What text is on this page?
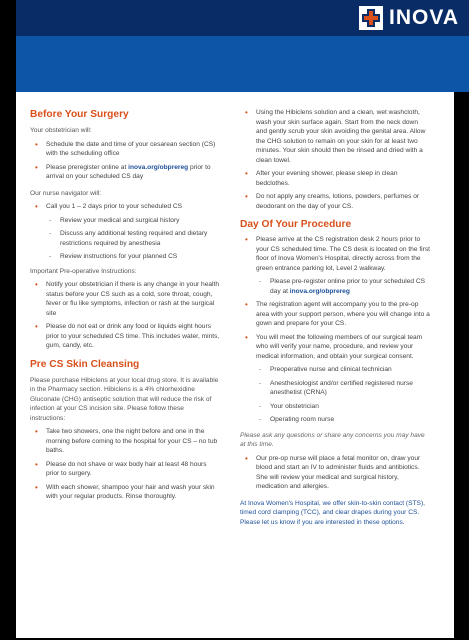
INOVA
Before Your Surgery

Your obstetrician will:

• Schedule the date and time of your cesarean section (CS) with the scheduling office
• Please preregister online at inova.org/obprereg prior to arrival on your scheduled CS day

Our nurse navigator will:

• Call you 1 – 2 days prior to your scheduled CS
- Review your medical and surgical history
- Discuss any additional testing required and dietary restrictions required by anesthesia
- Review instructions for your planned CS

Important Pre-operative Instructions:

• Notify your obstetrician if there is any change in your health status before your CS such as a cold, sore throat, cough, fever or flu like symptoms, infection or rash at the surgical site
• Please do not eat or drink any food or liquids eight hours prior to your scheduled CS time. This includes water, mints, gum, candy, etc.
Pre CS Skin Cleansing

Please purchase Hibiclens at your local drug store. It is available in the Pharmacy section. Hibiclens is a 4% chlorhexidine Gluconate (CHG) antiseptic solution that will reduce the risk of infection at your CS incision site. Please follow these instructions:

• Take two showers, one the night before and one in the morning before coming to the hospital for your CS – no tub baths.
• Please do not shave or wax body hair at least 48 hours prior to surgery.
• With each shower, shampoo your hair and wash your skin with your regular products. Rinse thoroughly.
• Using the Hibiclens solution and a clean, wet washcloth, wash your skin surface again. Start from the neck down and gently scrub your skin avoiding the genital area. Allow the CHG solution to remain on your skin for at least two minutes. Your skin should then be rinsed and dried with a clean towel.
• After your evening shower, please sleep in clean bedclothes.
• Do not apply any creams, lotions, powders, perfumes or deodorant on the day of your CS.
Day Of Your Procedure
• Please arrive at the CS registration desk 2 hours prior to your CS scheduled time. The CS desk is located on the first floor of Inova Women's Hospital, directly across from the green entrance parking lot, Level 2 walkway.
- Please pre-register online prior to your scheduled CS day at inova.org/obprereg
• The registration agent will accompany you to the pre-op area with your support person, where you will change into a gown and prepare for your CS.
• You will meet the following members of our surgical team who will verify your name, procedure, and review your medical information, and obtain your surgical consent.
- Preoperative nurse and clinical technician
- Anesthesiologist and/or certified registered nurse anesthetist (CRNA)
- Your obstetrician
- Operating room nurse

Please ask any questions or share any concerns you may have at this time.

• Our pre-op nurse will place a fetal monitor on, draw your blood and start an IV to administer fluids and antibiotics. She will review your medical and surgical history, medication and allergies.

At Inova Women's Hospital, we offer skin-to-skin contact (STS), timed cord clamping (TCC), and clear drapes during your CS. Please let us know if you are interested in these options.
